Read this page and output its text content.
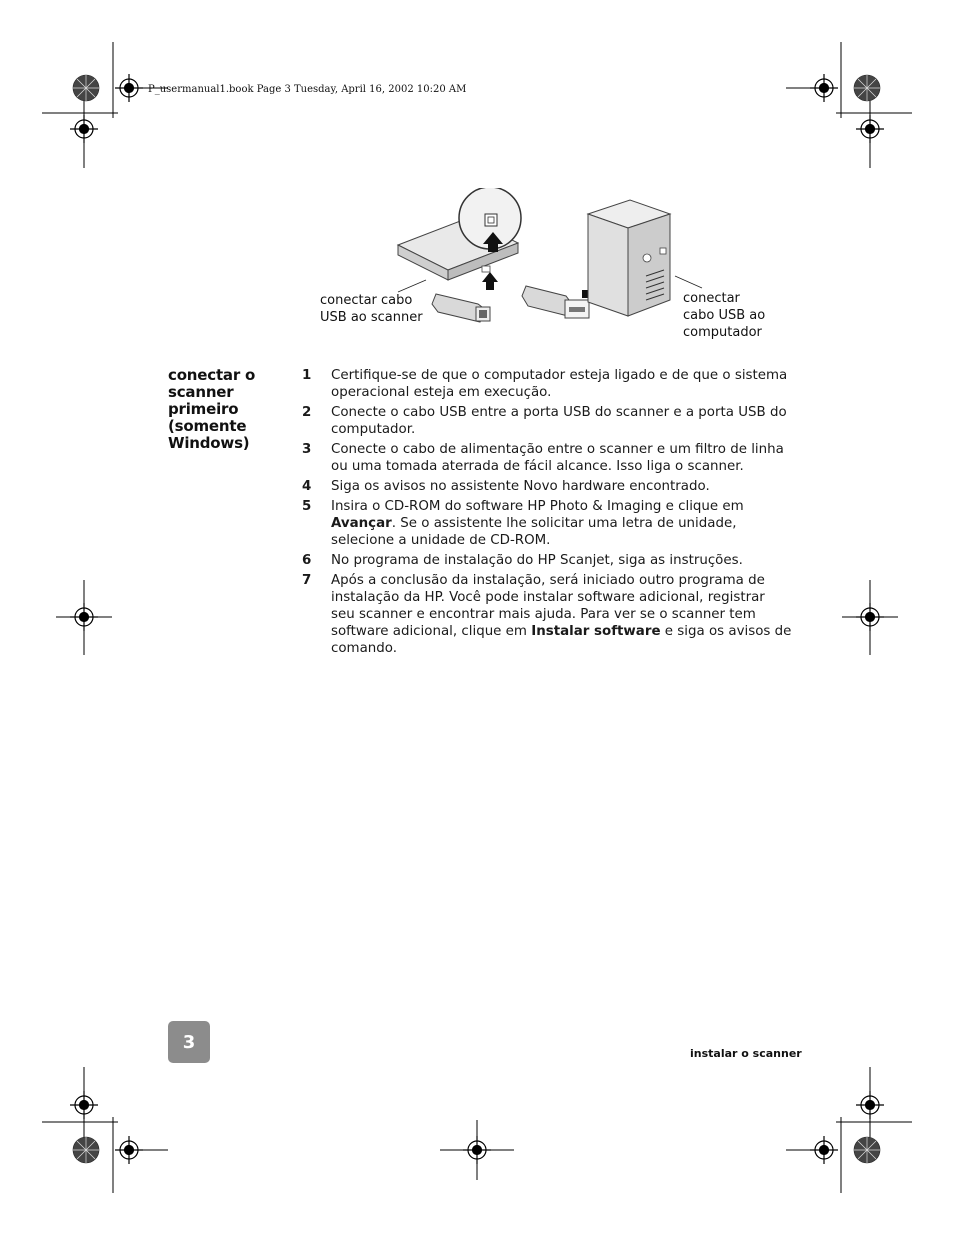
P_usermanual1.book Page 3 Tuesday, April 16, 2002 10:20 AM
conectar cabo
USB ao scanner
conectar
cabo USB ao
computador
conectar o scanner primeiro (somente Windows)
1	Certifique-se de que o computador esteja ligado e de que o sistema operacional esteja em execução.
2	Conecte o cabo USB entre a porta USB do scanner e a porta USB do computador.
3	Conecte o cabo de alimentação entre o scanner e um filtro de linha ou uma tomada aterrada de fácil alcance. Isso liga o scanner.
4	Siga os avisos no assistente Novo hardware encontrado.
5	Insira o CD-ROM do software HP Photo & Imaging e clique em Avançar. Se o assistente lhe solicitar uma letra de unidade, selecione a unidade de CD-ROM.
6	No programa de instalação do HP Scanjet, siga as instruções.
7	Após a conclusão da instalação, será iniciado outro programa de instalação da HP. Você pode instalar software adicional, registrar seu scanner e encontrar mais ajuda. Para ver se o scanner tem software adicional, clique em Instalar software e siga os avisos de comando.
3
instalar o scanner
